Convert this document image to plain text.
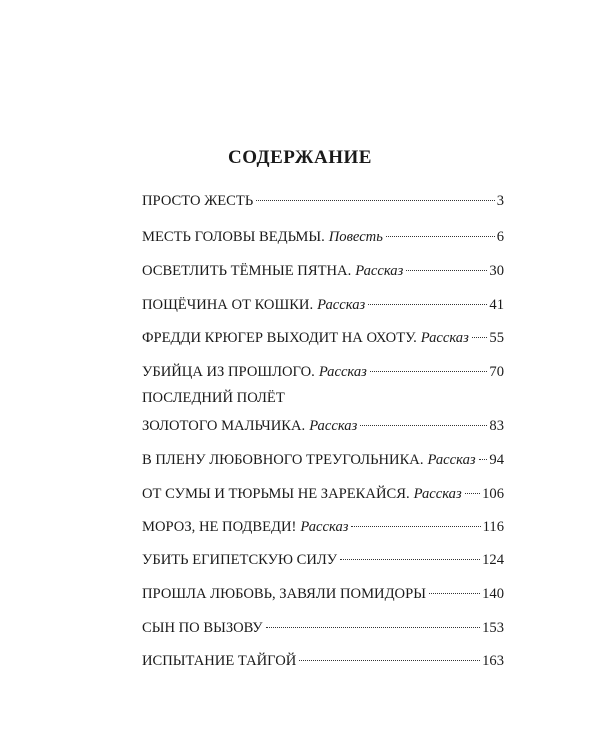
СОДЕРЖАНИЕ
ПРОСТО ЖЕСТЬ	3
МЕСТЬ ГОЛОВЫ ВЕДЬМЫ. Повесть	6
ОСВЕТЛИТЬ ТЁМНЫЕ ПЯТНА. Рассказ	30
ПОЩЁЧИНА ОТ КОШКИ. Рассказ	41
ФРЕДДИ КРЮГЕР ВЫХОДИТ НА ОХОТУ. Рассказ 55
УБИЙЦА ИЗ ПРОШЛОГО. Рассказ	70
ПОСЛЕДНИЙ ПОЛЁТ
ЗОЛОТОГО МАЛЬЧИКА. Рассказ	83
В ПЛЕНУ ЛЮБОВНОГО ТРЕУГОЛЬНИКА. Рассказ 94
ОТ СУМЫ И ТЮРЬМЫ НЕ ЗАРЕКАЙСЯ. Рассказ 106
МОРОЗ, НЕ ПОДВЕДИ! Рассказ	116
УБИТЬ ЕГИПЕТСКУЮ СИЛУ	124
ПРОШЛА ЛЮБОВЬ, ЗАВЯЛИ ПОМИДОРЫ	140
СЫН ПО ВЫЗОВУ	153
ИСПЫТАНИЕ ТАЙГОЙ	163
